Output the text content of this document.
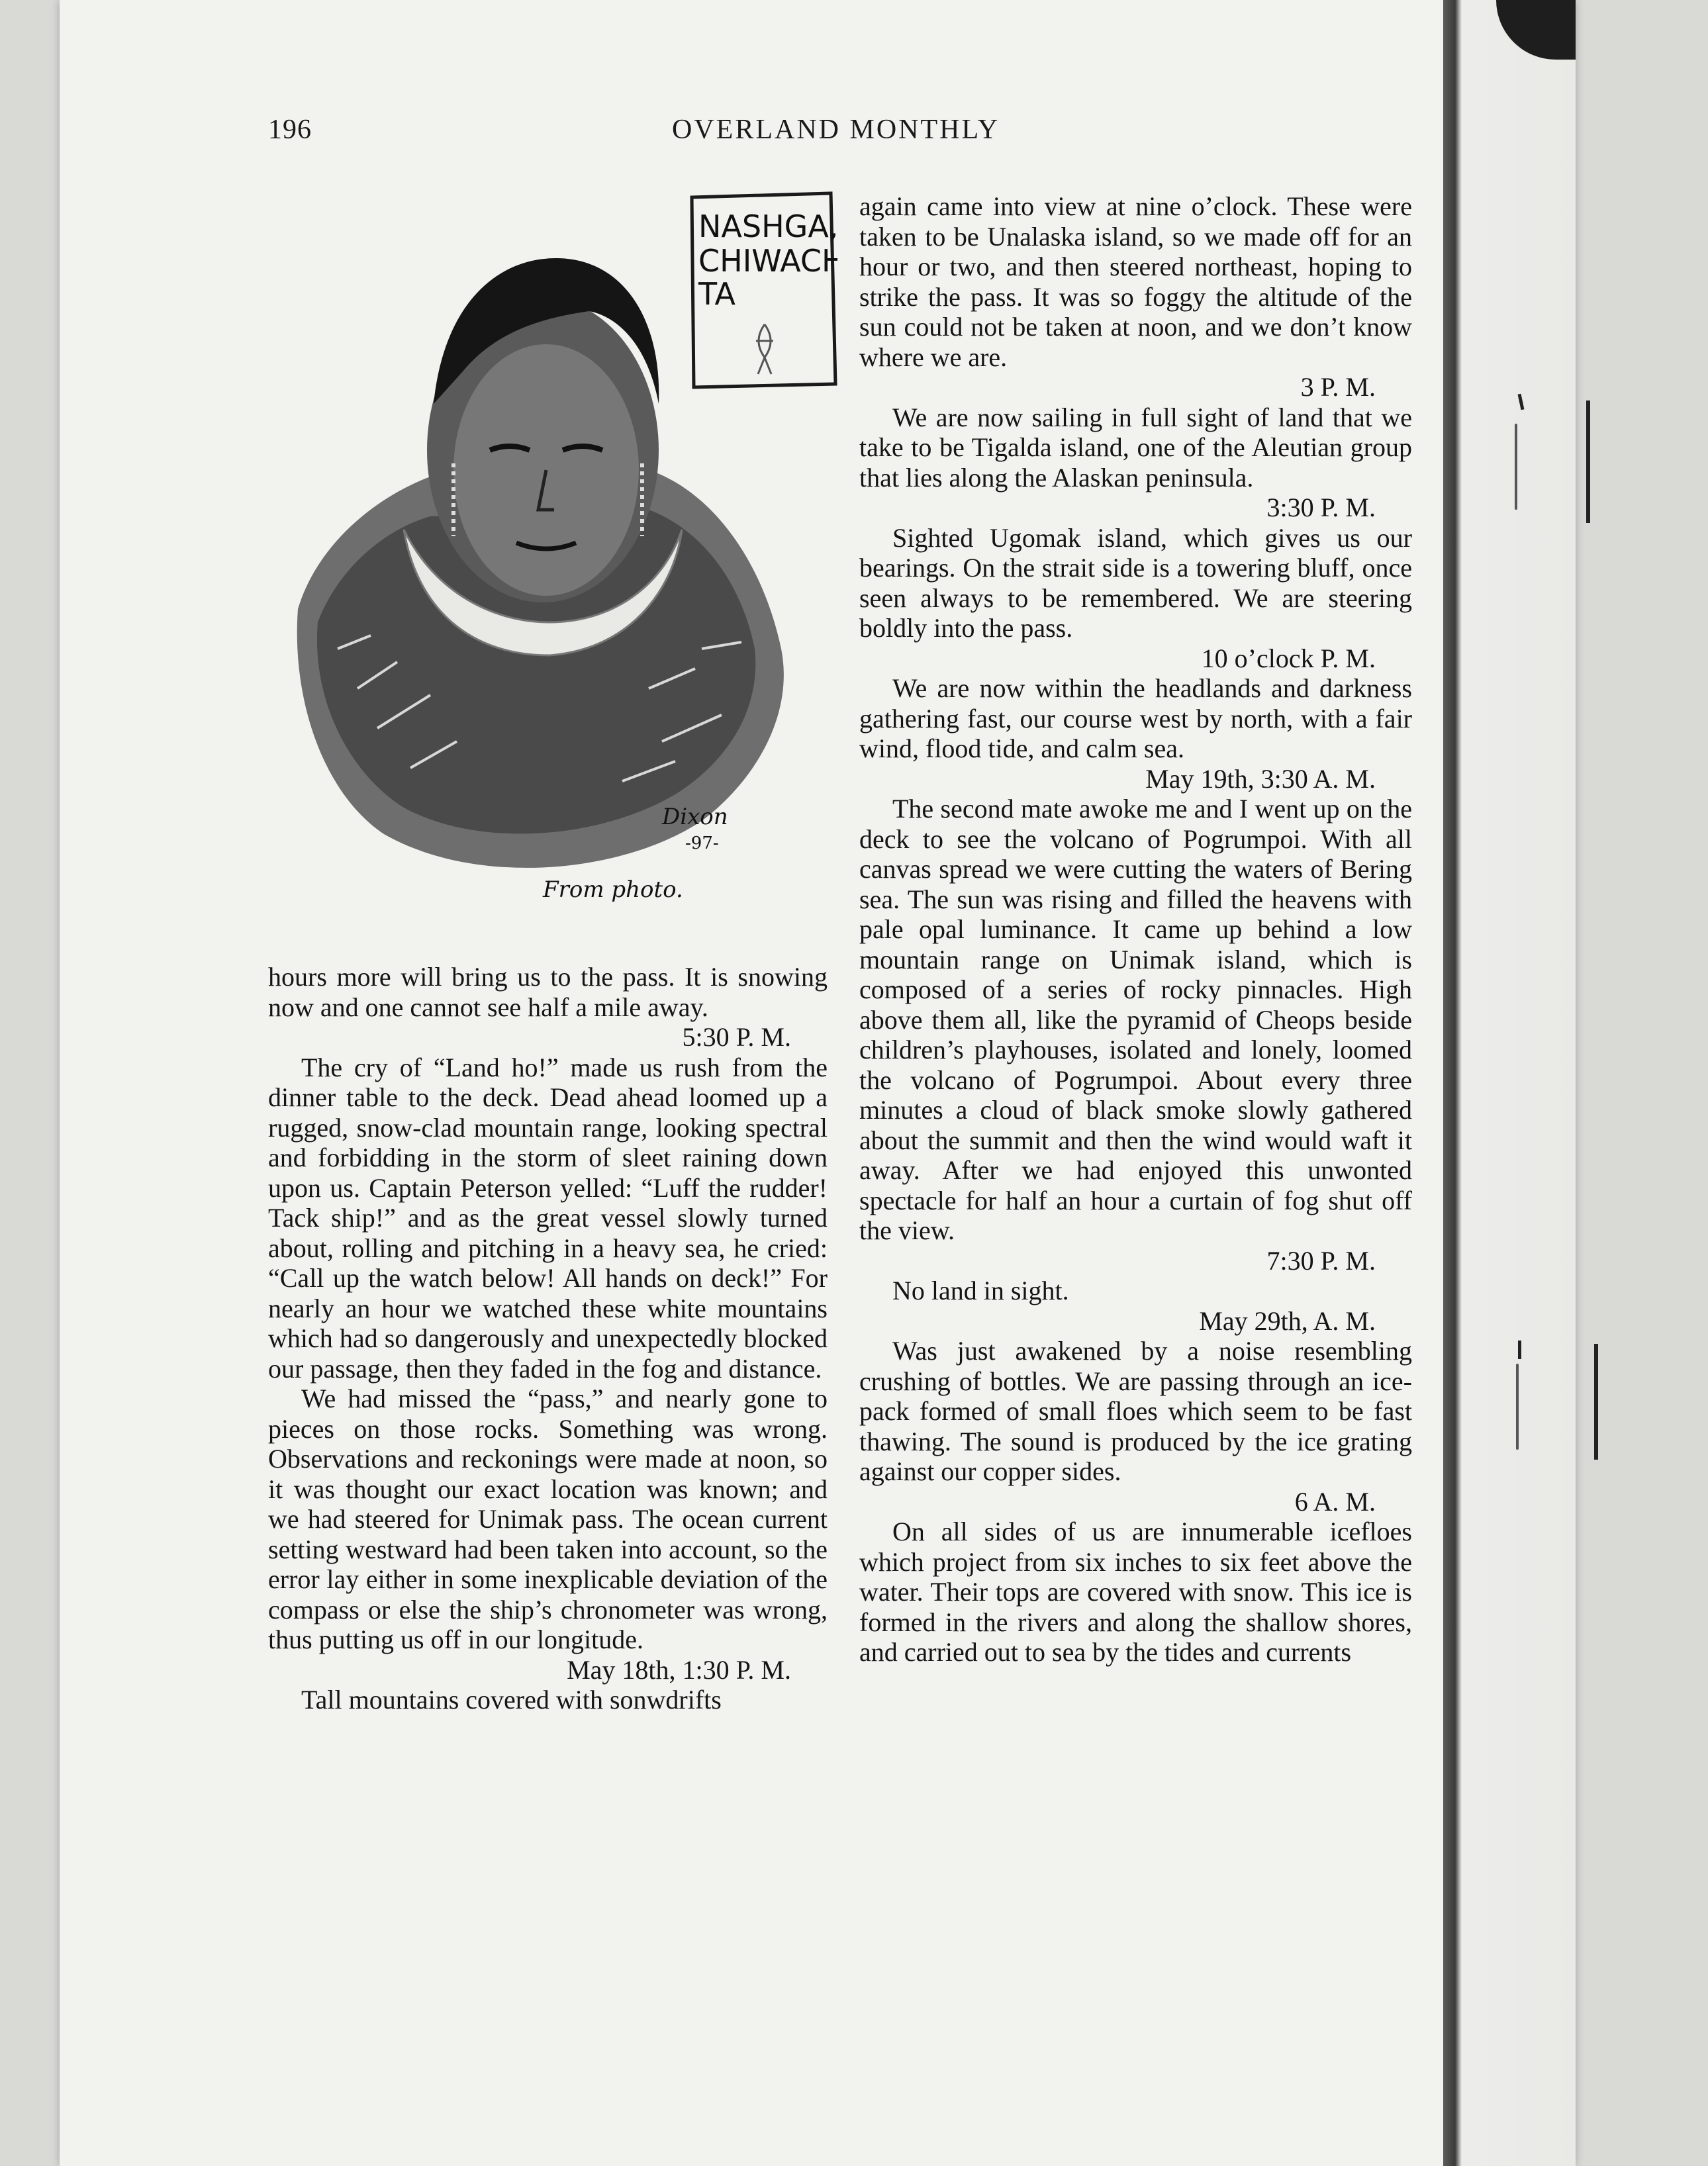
196	OVERLAND MONTHLY
NASHGA,
CHIWACH
TA
Dixon
-97-
From photo.

hours more will bring us to the pass. It is snowing now and one cannot see half a mile away.

5:30 P. M.

The cry of “Land ho!” made us rush from the dinner table to the deck. Dead ahead loomed up a rugged, snow-clad mountain range, looking spectral and forbidding in the storm of sleet raining down upon us. Captain Peterson yelled: “Luff the rudder! Tack ship!” and as the great vessel slowly turned about, rolling and pitching in a heavy sea, he cried: “Call up the watch below! All hands on deck!” For nearly an hour we watched these white mountains which had so dangerously and unexpectedly blocked our passage, then they faded in the fog and distance.

We had missed the “pass,” and nearly gone to pieces on those rocks. Something was wrong. Observations and reckonings were made at noon, so it was thought our exact location was known; and we had steered for Unimak pass. The ocean current setting westward had been taken into account, so the error lay either in some inexplicable deviation of the compass or else the ship’s chronometer was wrong, thus putting us off in our longitude.

May 18th, 1:30 P. M.

Tall mountains covered with sonwdrifts

again came into view at nine o’clock. These were taken to be Unalaska island, so we made off for an hour or two, and then steered northeast, hoping to strike the pass. It was so foggy the altitude of the sun could not be taken at noon, and we don’t know where we are.

3 P. M.

We are now sailing in full sight of land that we take to be Tigalda island, one of the Aleutian group that lies along the Alaskan peninsula.

3:30 P. M.

Sighted Ugomak island, which gives us our bearings. On the strait side is a towering bluff, once seen always to be remembered. We are steering boldly into the pass.

10 o’clock P. M.

We are now within the headlands and darkness gathering fast, our course west by north, with a fair wind, flood tide, and calm sea.

May 19th, 3:30 A. M.

The second mate awoke me and I went up on the deck to see the volcano of Pogrumpoi. With all canvas spread we were cutting the waters of Bering sea. The sun was rising and filled the heavens with pale opal luminance. It came up behind a low mountain range on Unimak island, which is composed of a series of rocky pinnacles. High above them all, like the pyramid of Cheops beside children’s playhouses, isolated and lonely, loomed the volcano of Pogrumpoi. About every three minutes a cloud of black smoke slowly gathered about the summit and then the wind would waft it away. After we had enjoyed this unwonted spectacle for half an hour a curtain of fog shut off the view.

7:30 P. M.

No land in sight.

May 29th, A. M.

Was just awakened by a noise resembling crushing of bottles. We are passing through an ice-pack formed of small floes which seem to be fast thawing. The sound is produced by the ice grating against our copper sides.

6 A. M.

On all sides of us are innumerable icefloes which project from six inches to six feet above the water. Their tops are covered with snow. This ice is formed in the rivers and along the shallow shores, and carried out to sea by the tides and currents
